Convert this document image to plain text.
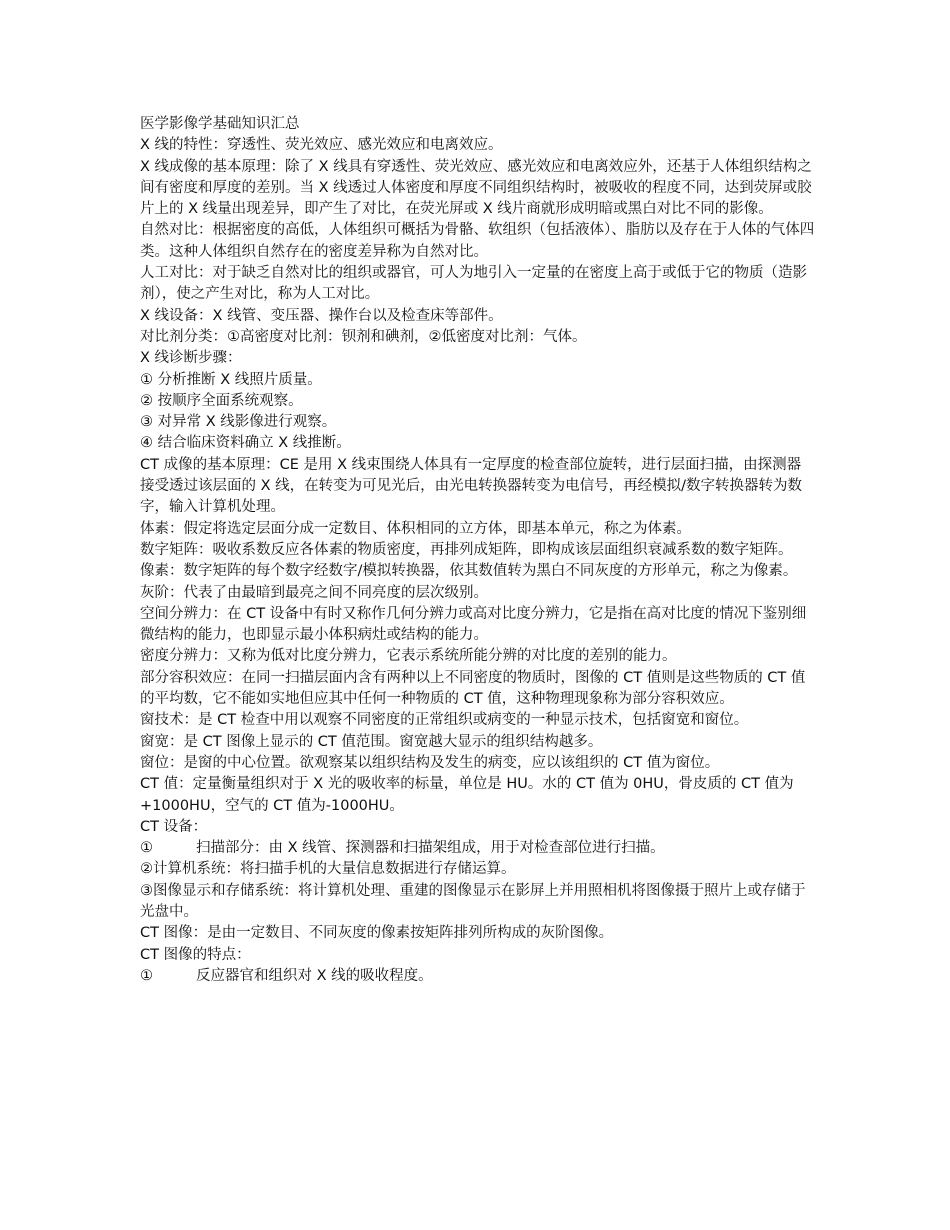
医学影像学基础知识汇总

X 线的特性：穿透性、荧光效应、感光效应和电离效应。

X 线成像的基本原理：除了 X 线具有穿透性、荧光效应、感光效应和电离效应外，还基于人体组织结构之间有密度和厚度的差别。当 X 线透过人体密度和厚度不同组织结构时，被吸收的程度不同，达到荧屏或胶片上的 X 线量出现差异，即产生了对比，在荧光屏或 X 线片商就形成明暗或黑白对比不同的影像。

自然对比：根据密度的高低，人体组织可概括为骨骼、软组织（包括液体）、脂肪以及存在于人体的气体四类。这种人体组织自然存在的密度差异称为自然对比。

人工对比：对于缺乏自然对比的组织或器官，可人为地引入一定量的在密度上高于或低于它的物质（造影剂），使之产生对比，称为人工对比。

X 线设备：X 线管、变压器、操作台以及检查床等部件。

对比剂分类：①高密度对比剂：钡剂和碘剂，②低密度对比剂：气体。

X 线诊断步骤：

① 分析推断 X 线照片质量。

② 按顺序全面系统观察。

③ 对异常 X 线影像进行观察。

④ 结合临床资料确立 X 线推断。

CT 成像的基本原理：CE 是用 X 线束围绕人体具有一定厚度的检查部位旋转，进行层面扫描，由探测器接受透过该层面的 X 线，在转变为可见光后，由光电转换器转变为电信号，再经模拟/数字转换器转为数字，输入计算机处理。

体素：假定将选定层面分成一定数目、体积相同的立方体，即基本单元，称之为体素。

数字矩阵：吸收系数反应各体素的物质密度，再排列成矩阵，即构成该层面组织衰减系数的数字矩阵。

像素：数字矩阵的每个数字经数字/模拟转换器，依其数值转为黑白不同灰度的方形单元，称之为像素。

灰阶：代表了由最暗到最亮之间不同亮度的层次级别。

空间分辨力：在 CT 设备中有时又称作几何分辨力或高对比度分辨力，它是指在高对比度的情况下鉴别细微结构的能力，也即显示最小体积病灶或结构的能力。

密度分辨力：又称为低对比度分辨力，它表示系统所能分辨的对比度的差别的能力。

部分容积效应：在同一扫描层面内含有两种以上不同密度的物质时，图像的 CT 值则是这些物质的 CT 值的平均数，它不能如实地但应其中任何一种物质的 CT 值，这种物理现象称为部分容积效应。

窗技术：是 CT 检查中用以观察不同密度的正常组织或病变的一种显示技术，包括窗宽和窗位。

窗宽：是 CT 图像上显示的 CT 值范围。窗宽越大显示的组织结构越多。

窗位：是窗的中心位置。欲观察某以组织结构及发生的病变，应以该组织的 CT 值为窗位。

CT 值：定量衡量组织对于 X 光的吸收率的标量，单位是 HU。水的 CT 值为 0HU，骨皮质的 CT 值为+1000HU，空气的 CT 值为-1000HU。

CT 设备：

①	扫描部分：由 X 线管、探测器和扫描架组成，用于对检查部位进行扫描。

②计算机系统：将扫描手机的大量信息数据进行存储运算。

③图像显示和存储系统：将计算机处理、重建的图像显示在影屏上并用照相机将图像摄于照片上或存储于光盘中。

CT 图像：是由一定数目、不同灰度的像素按矩阵排列所构成的灰阶图像。

CT 图像的特点：

①	反应器官和组织对 X 线的吸收程度。
